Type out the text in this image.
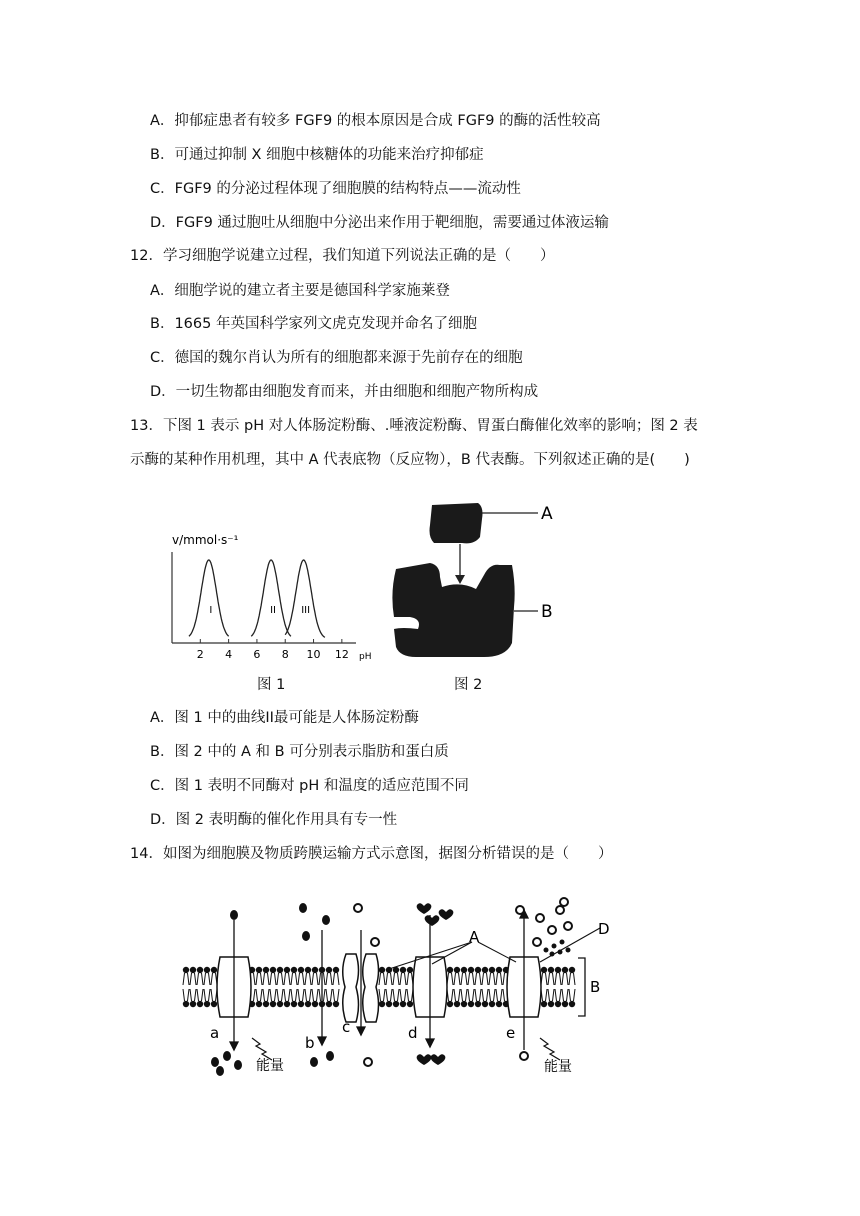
A．抑郁症患者有较多 FGF9 的根本原因是合成 FGF9 的酶的活性较高
B．可通过抑制 X 细胞中核糖体的功能来治疗抑郁症
C．FGF9 的分泌过程体现了细胞膜的结构特点——流动性
D．FGF9 通过胞吐从细胞中分泌出来作用于靶细胞，需要通过体液运输
12．学习细胞学说建立过程，我们知道下列说法正确的是（　　）
A．细胞学说的建立者主要是德国科学家施莱登
B．1665 年英国科学家列文虎克发现并命名了细胞
C．德国的魏尔肖认为所有的细胞都来源于先前存在的细胞
D．一切生物都由细胞发育而来，并由细胞和细胞产物所构成
13．下图 1 表示 pH 对人体肠淀粉酶、.唾液淀粉酶、胃蛋白酶催化效率的影响；图 2 表
示酶的某种作用机理，其中 A 代表底物（反应物），B 代表酶。下列叙述正确的是(　　)
v/mmol·s⁻¹
2 4 6 8 10 12
I	II	III
pH
图 1
A
B
图 2
A．图 1 中的曲线II最可能是人体肠淀粉酶
B．图 2 中的 A 和 B 可分别表示脂肪和蛋白质
C．图 1 表明不同酶对 pH 和温度的适应范围不同
D．图 2 表明酶的催化作用具有专一性
14．如图为细胞膜及物质跨膜运输方式示意图，据图分析错误的是（　　）
a
b
c	d	e
A
B
D
能量	能量
